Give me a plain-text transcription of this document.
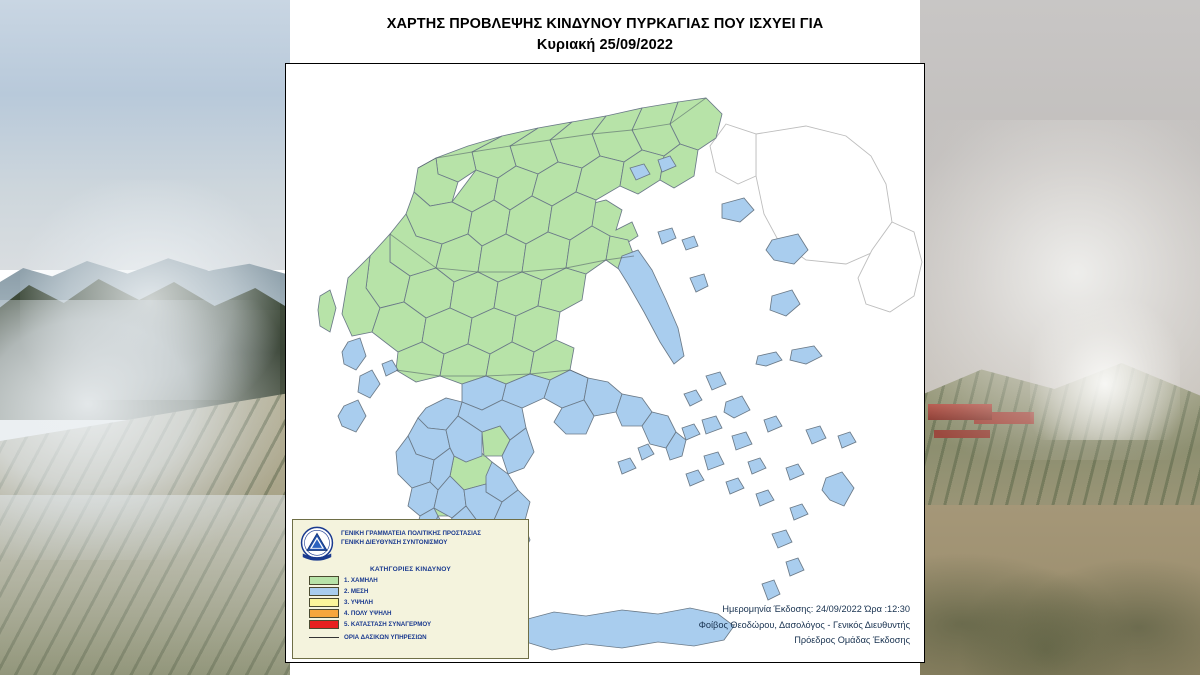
ΧΑΡΤΗΣ ΠΡΟΒΛΕΨΗΣ ΚΙΝΔΥΝΟΥ ΠΥΡΚΑΓΙΑΣ ΠΟΥ ΙΣΧΥΕΙ ΓΙΑ
Κυριακή 25/09/2022
ΓΕΝΙΚΗ ΓΡΑΜΜΑΤΕΙΑ ΠΟΛΙΤΙΚΗΣ ΠΡΟΣΤΑΣΙΑΣ
ΓΕΝΙΚΗ ΔΙΕΥΘΥΝΣΗ ΣΥΝΤΟΝΙΣΜΟΥ
ΚΑΤΗΓΟΡΙΕΣ ΚΙΝΔΥΝΟΥ
1. ΧΑΜΗΛΗ
2. ΜΕΣΗ
3. ΥΨΗΛΗ
4. ΠΟΛΥ ΥΨΗΛΗ
5. ΚΑΤΑΣΤΑΣΗ ΣΥΝΑΓΕΡΜΟΥ
ΟΡΙΑ ΔΑΣΙΚΩΝ ΥΠΗΡΕΣΙΩΝ
Ημερομηνία Έκδοσης: 24/09/2022 Ώρα :12:30
Φοίβος Θεοδώρου, Δασολόγος - Γενικός Διευθυντής
Πρόεδρος Ομάδας Έκδοσης
